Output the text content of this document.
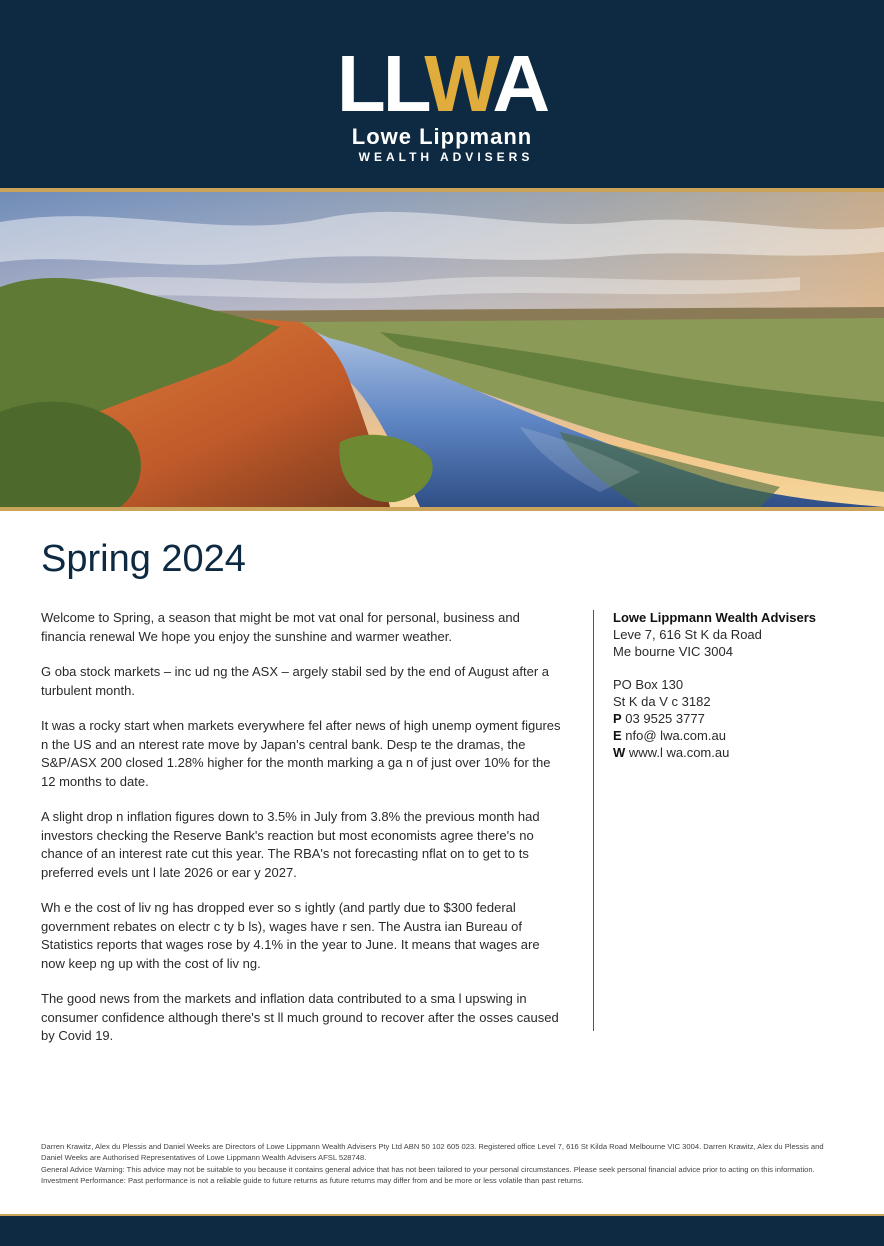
LLWA
Lowe Lippmann
WEALTH ADVISERS
Spring 2024

Welcome to Spring, a season that might be mot vat onal for personal, business and financia renewal We hope you enjoy the sunshine and warmer weather.

G oba stock markets – inc ud ng the ASX – argely stabil sed by the end of August after a turbulent month.

It was a rocky start when markets everywhere fel after news of high unemp oyment figures n the US and an nterest rate move by Japan's central bank. Desp te the dramas, the S&P/ASX 200 closed 1.28% higher for the month marking a ga n of just over 10% for the 12 months to date.

A slight drop n inflation figures down to 3.5% in July from 3.8% the previous month had investors checking the Reserve Bank's reaction but most economists agree there's no chance of an interest rate cut this year. The RBA's not forecasting nflat on to get to ts preferred evels unt l late 2026 or ear y 2027.

Wh e the cost of liv ng has dropped ever so s ightly (and partly due to $300 federal government rebates on electr c ty b ls), wages have r sen. The Austra ian Bureau of Statistics reports that wages rose by 4.1% in the year to June. It means that wages are now keep ng up with the cost of liv ng.

The good news from the markets and inflation data contributed to a sma l upswing in consumer confidence although there's st ll much ground to recover after the osses caused by Covid 19.

Lowe Lippmann Wealth Advisers
Leve 7, 616 St K da Road
Me bourne VIC 3004
PO Box 130
St K da V c 3182
P 03 9525 3777
E nfo@ lwa.com.au
W www.l wa.com.au

Darren Krawitz, Alex du Plessis and Daniel Weeks are Directors of Lowe Lippmann Wealth Advisers Pty Ltd ABN 50 102 605 023. Registered office Level 7, 616 St Kilda Road Melbourne VIC 3004. Darren Krawitz, Alex du Plessis and Daniel Weeks are Authorised Representatives of Lowe Lippmann Wealth Advisers AFSL 528748.

General Advice Warning: This advice may not be suitable to you because it contains general advice that has not been tailored to your personal circumstances. Please seek personal financial advice prior to acting on this information. Investment Performance: Past performance is not a reliable guide to future returns as future returns may differ from and be more or less volatile than past returns.
